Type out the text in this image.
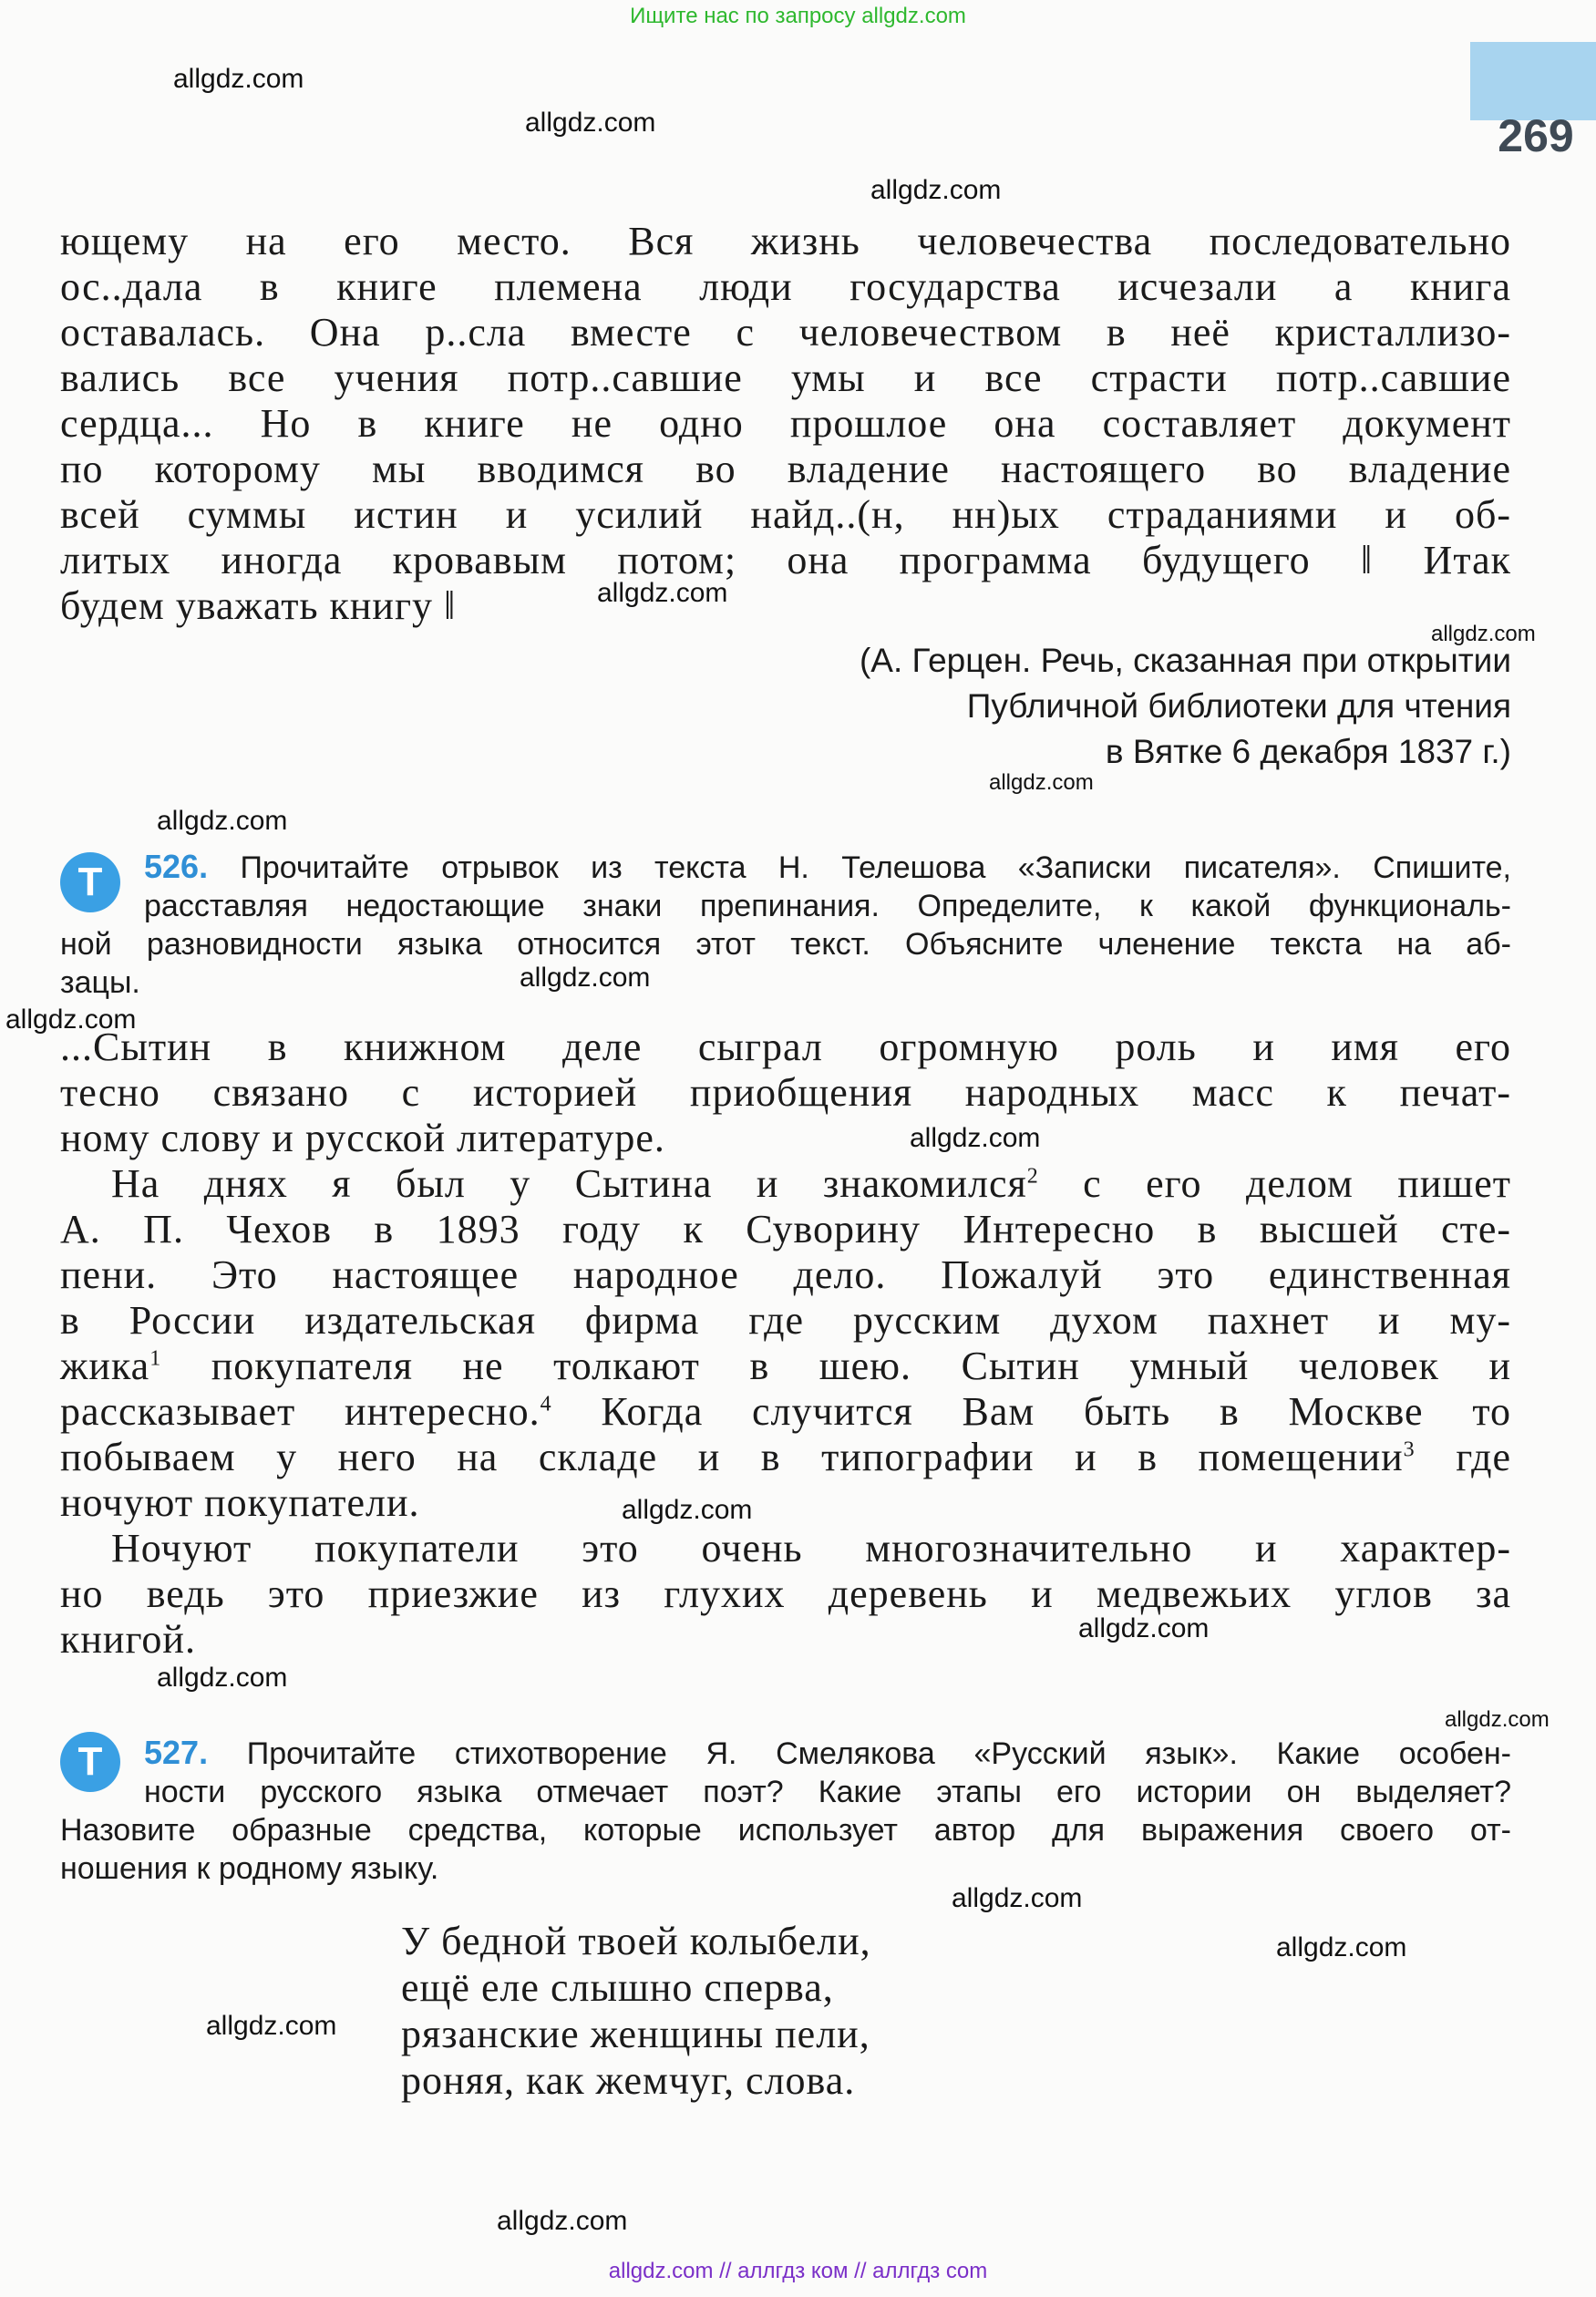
Ищите нас по запросу allgdz.com
269
allgdz.com
allgdz.com
allgdz.com
allgdz.com
allgdz.com
allgdz.com
allgdz.com
allgdz.com
allgdz.com
allgdz.com
allgdz.com
allgdz.com
allgdz.com
allgdz.com
allgdz.com
allgdz.com
allgdz.com
allgdz.com
ющему на его место. Вся жизнь человечества последовательно
ос..дала в книге племена люди государства исчезали а книга
оставалась. Она р..сла вместе с человечеством в неё кристаллизо-
вались все учения потр..савшие умы и все страсти потр..савшие
сердца... Но в книге не одно прошлое она составляет документ
по которому мы вводимся во владение настоящего во владение
всей суммы истин и усилий найд..(н, нн)ых страданиями и об-
литых иногда кровавым потом; она программа будущего ‖ Итак
будем уважать книгу ‖
(А. Герцен. Речь, сказанная при открытии
Публичной библиотеки для чтения
в Вятке 6 декабря 1837 г.)
Т	526. Прочитайте отрывок из текста Н. Телешова «Записки писателя». Спишите,
расставляя недостающие знаки препинания. Определите, к какой функциональ-
ной разновидности языка относится этот текст. Объясните членение текста на аб-
зацы.
...Сытин в книжном деле сыграл огромную роль и имя его
тесно связано с историей приобщения народных масс к печат-
ному слову и русской литературе.
На днях я был у Сытина и знакомился$^2$ с его делом пишет
А. П. Чехов в 1893 году к Суворину Интересно в высшей сте-
пени. Это настоящее народное дело. Пожалуй это единственная
в России издательская фирма где русским духом пахнет и му-
жика$^1$ покупателя не толкают в шею. Сытин умный человек и
рассказывает интересно.$^4$ Когда случится Вам быть в Москве то
побываем у него на складе и в типографии и в помещении$^3$ где
ночуют покупатели.
Ночуют покупатели это очень многозначительно и характер-
но ведь это приезжие из глухих деревень и медвежьих углов за
книгой.
Т	527. Прочитайте стихотворение Я. Смелякова «Русский язык». Какие особен-
ности русского языка отмечает поэт? Какие этапы его истории он выделяет?
Назовите образные средства, которые использует автор для выражения своего от-
ношения к родному языку.
У бедной твоей колыбели,
ещё еле слышно сперва,
рязанские женщины пели,
роняя, как жемчуг, слова.
allgdz.com // аллгдз ком // аллгдз com
